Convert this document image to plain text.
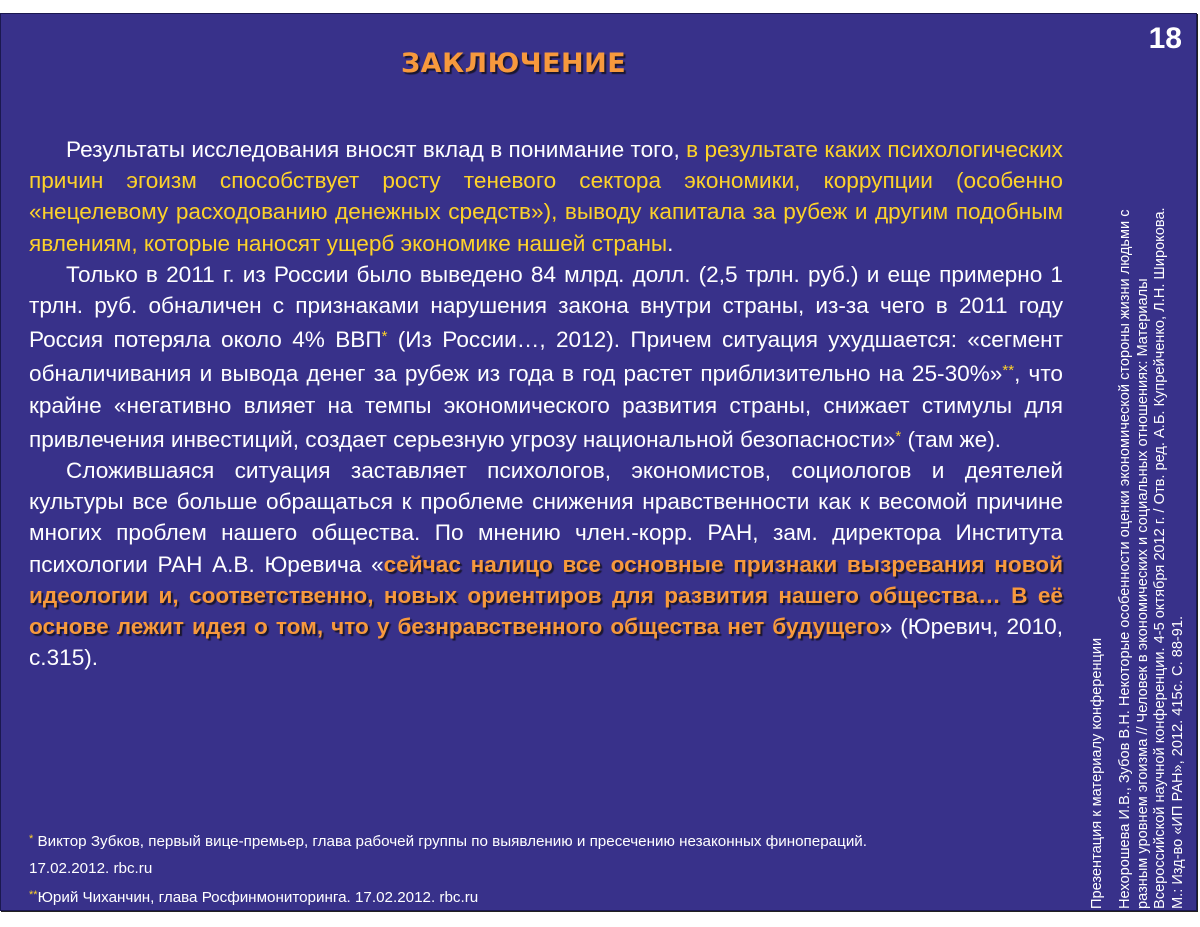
18
ЗАКЛЮЧЕНИЕ

Результаты исследования вносят вклад в понимание того, в результате каких психологических причин эгоизм способствует росту теневого сектора экономики, коррупции (особенно «нецелевому расходованию денежных средств»), выводу капитала за рубеж и другим подобным явлениям, которые наносят ущерб экономике нашей страны.

Только в 2011 г. из России было выведено 84 млрд. долл. (2,5 трлн. руб.) и еще примерно 1 трлн. руб. обналичен с признаками нарушения закона внутри страны, из-за чего в 2011 году Россия потеряла около 4% ВВП* (Из России…, 2012). Причем ситуация ухудшается: «сегмент обналичивания и вывода денег за рубеж из года в год растет приблизительно на 25-30%»**, что крайне «негативно влияет на темпы экономического развития страны, снижает стимулы для привлечения инвестиций, создает серьезную угрозу национальной безопасности»* (там же).

Сложившаяся ситуация заставляет психологов, экономистов, социологов и деятелей культуры все больше обращаться к проблеме снижения нравственности как к весомой причине многих проблем нашего общества. По мнению член.-корр. РАН, зам. директора Института психологии РАН А.В. Юревича «сейчас налицо все основные признаки вызревания новой идеологии и, соответственно, новых ориентиров для развития нашего общества… В её основе лежит идея о том, что у безнравственного общества нет будущего» (Юревич, 2010, с.315).

* Виктор Зубков, первый вице-премьер, глава рабочей группы по выявлению и пресечению незаконных финопераций.
17.02.2012. rbc.ru
**Юрий Чиханчин, глава Росфинмониторинга. 17.02.2012. rbc.ru	Презентация к материалу конференции Нехорошева И.В., Зубов В.Н. Некоторые особенности оценки экономической стороны жизни людьми с разным уровнем эгоизма // Человек в экономических и социальных отношениях: Материалы Всероссийской научной конференции. 4-5 октября 2012 г. / Отв. ред. А.Б. Купрейченко, Л.Н. Широкова. М.: Изд-во «ИП РАН», 2012. 415с. С. 88-91.
